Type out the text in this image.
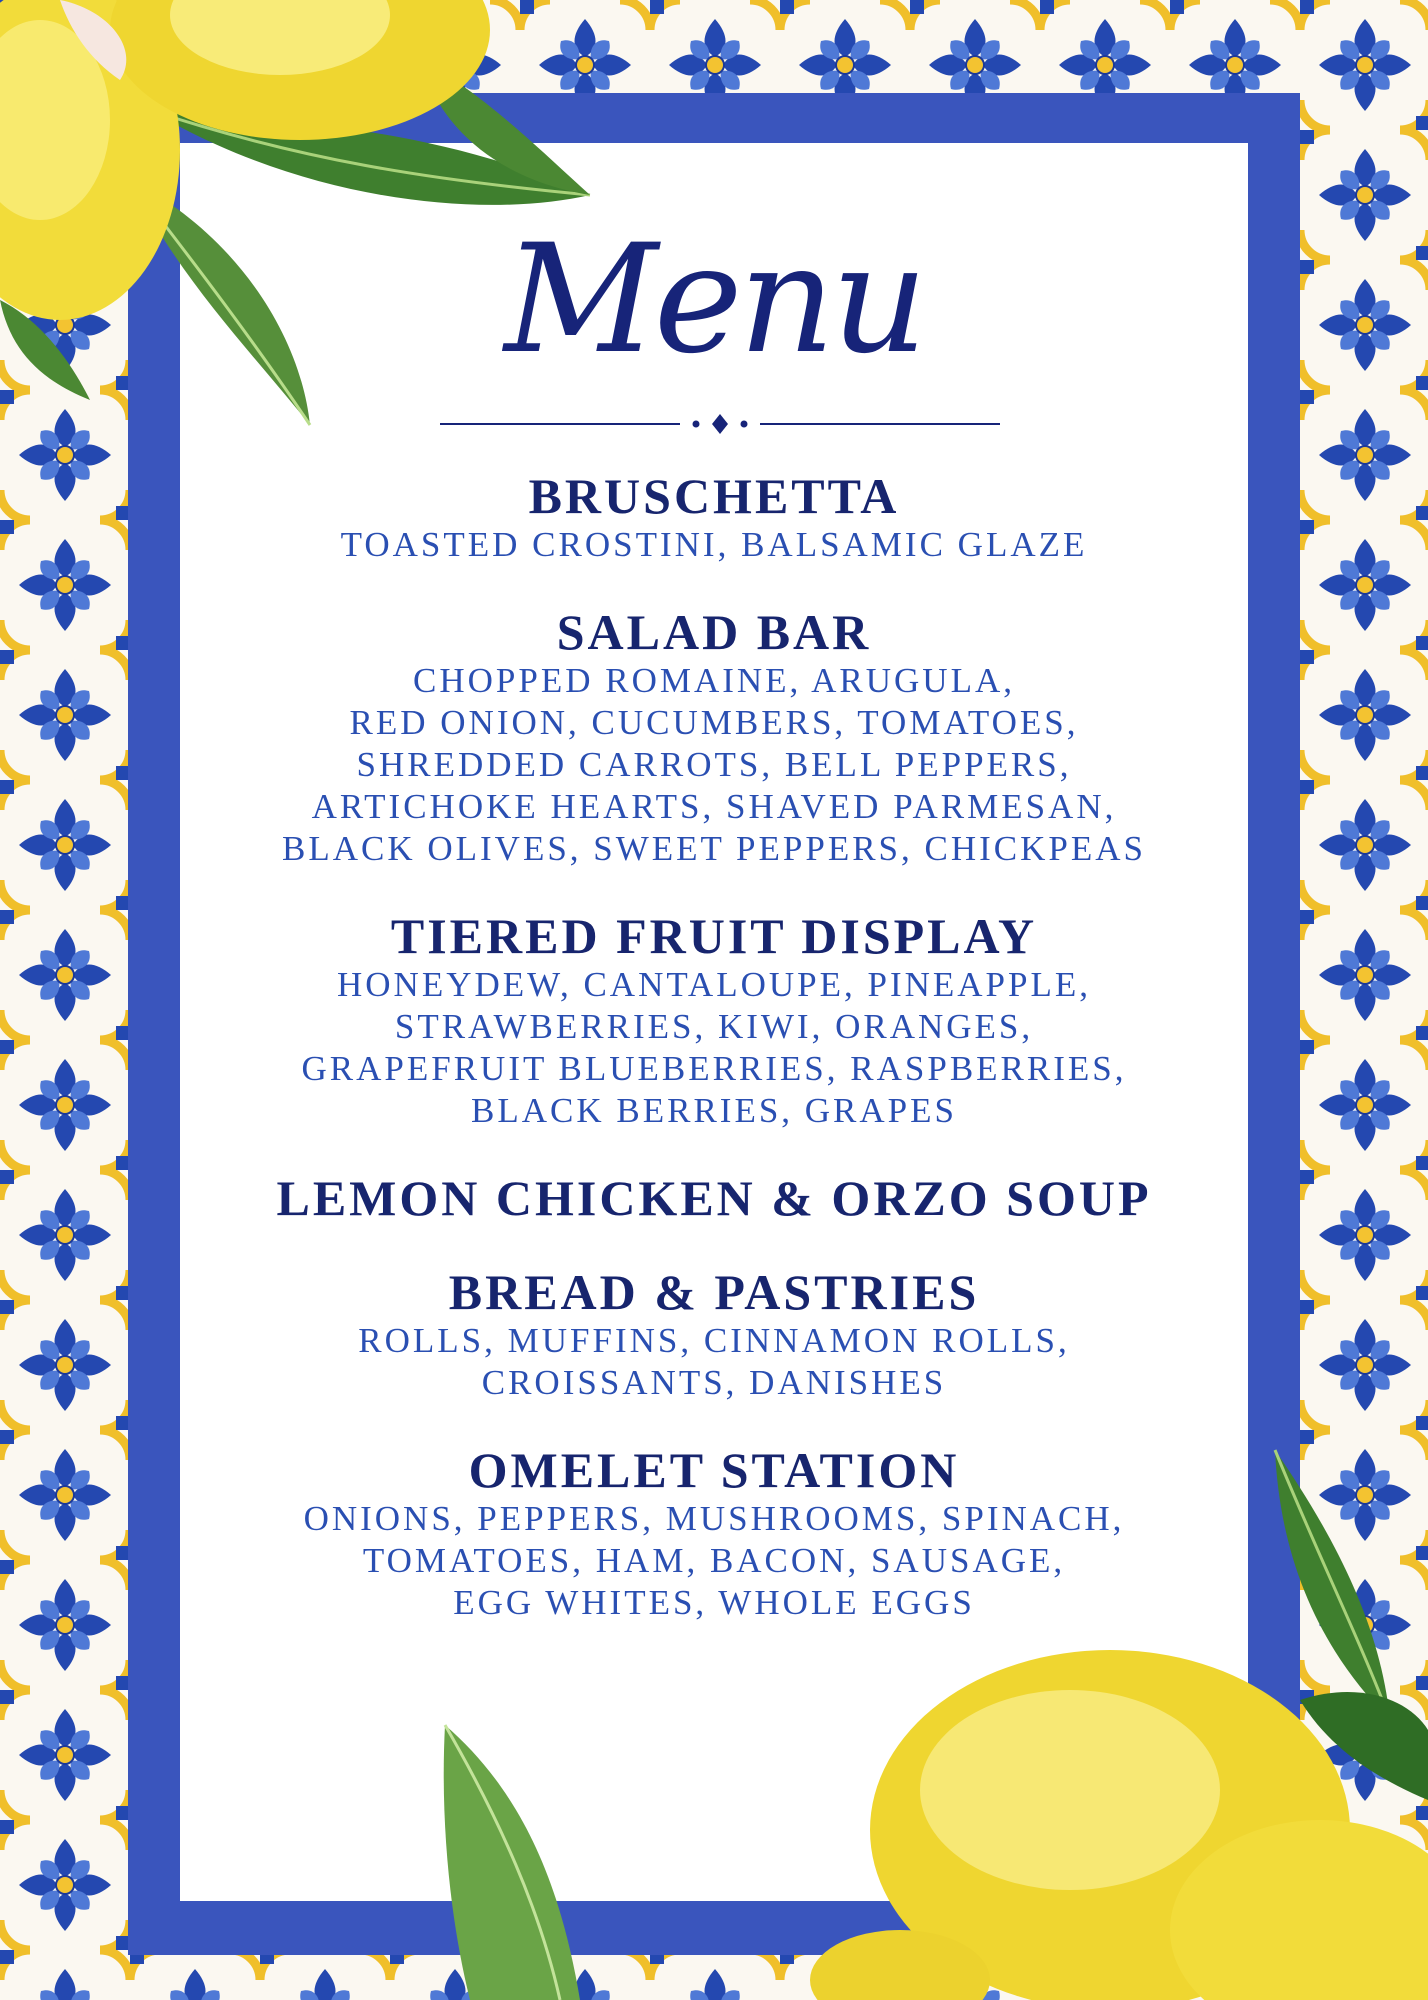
Menu
BRUSCHETTA
TOASTED CROSTINI, BALSAMIC GLAZE
SALAD BAR
CHOPPED ROMAINE, ARUGULA,
RED ONION, CUCUMBERS, TOMATOES,
SHREDDED CARROTS, BELL PEPPERS,
ARTICHOKE HEARTS, SHAVED PARMESAN,
BLACK OLIVES, SWEET PEPPERS, CHICKPEAS
TIERED FRUIT DISPLAY
HONEYDEW, CANTALOUPE, PINEAPPLE,
STRAWBERRIES, KIWI, ORANGES,
GRAPEFRUIT BLUEBERRIES, RASPBERRIES,
BLACK BERRIES, GRAPES
LEMON CHICKEN & ORZO SOUP
BREAD & PASTRIES
ROLLS, MUFFINS, CINNAMON ROLLS,
CROISSANTS, DANISHES
OMELET STATION
ONIONS, PEPPERS, MUSHROOMS, SPINACH,
TOMATOES, HAM, BACON, SAUSAGE,
EGG WHITES, WHOLE EGGS
